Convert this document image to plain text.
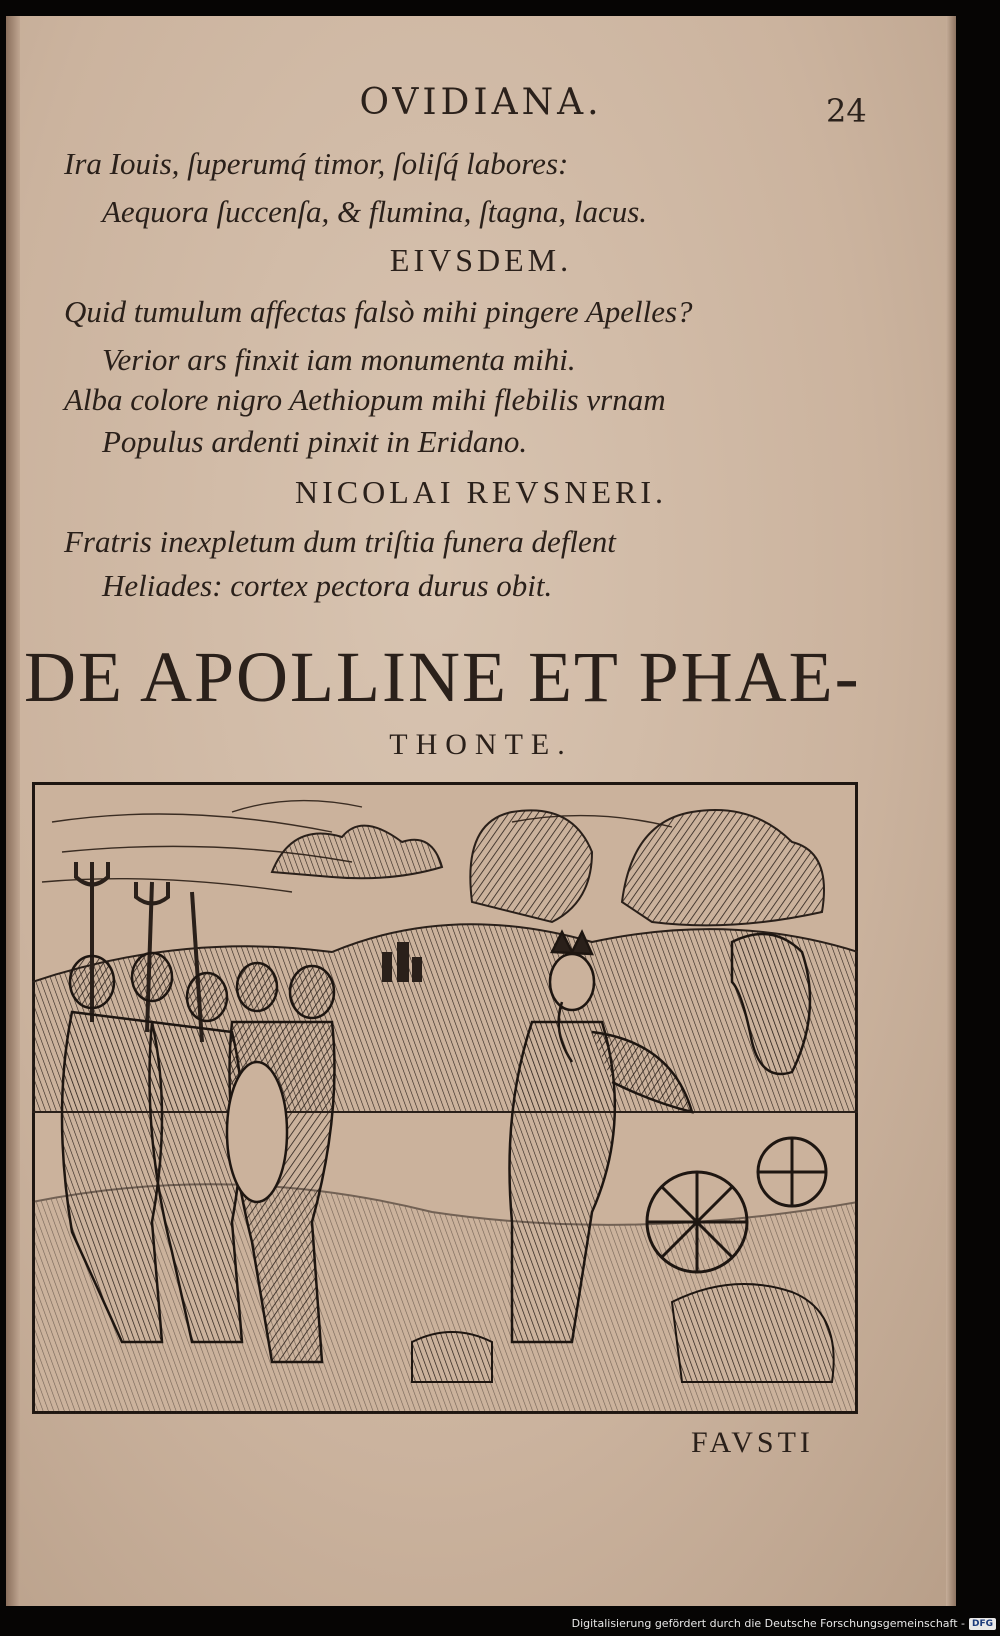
OVIDIANA.	24
Ira Iouis, ſuperumq́ timor, ſoliſq́ labores:
Aequora ſuccenſa, & flumina, ſtagna, lacus.
EIVSDEM.
Quid tumulum affectas falsò mihi pingere Apelles?
Verior ars finxit iam monumenta mihi.
Alba colore nigro Aethiopum mihi flebilis vrnam
Populus ardenti pinxit in Eridano.
NICOLAI REVSNERI.
Fratris inexpletum dum triſtia funera deflent
Heliades: cortex pectora durus obit.
DE APOLLINE ET PHAE-
THONTE.
FAVSTI
Digitalisierung gefördert durch die Deutsche Forschungsgemeinschaft - DFG
